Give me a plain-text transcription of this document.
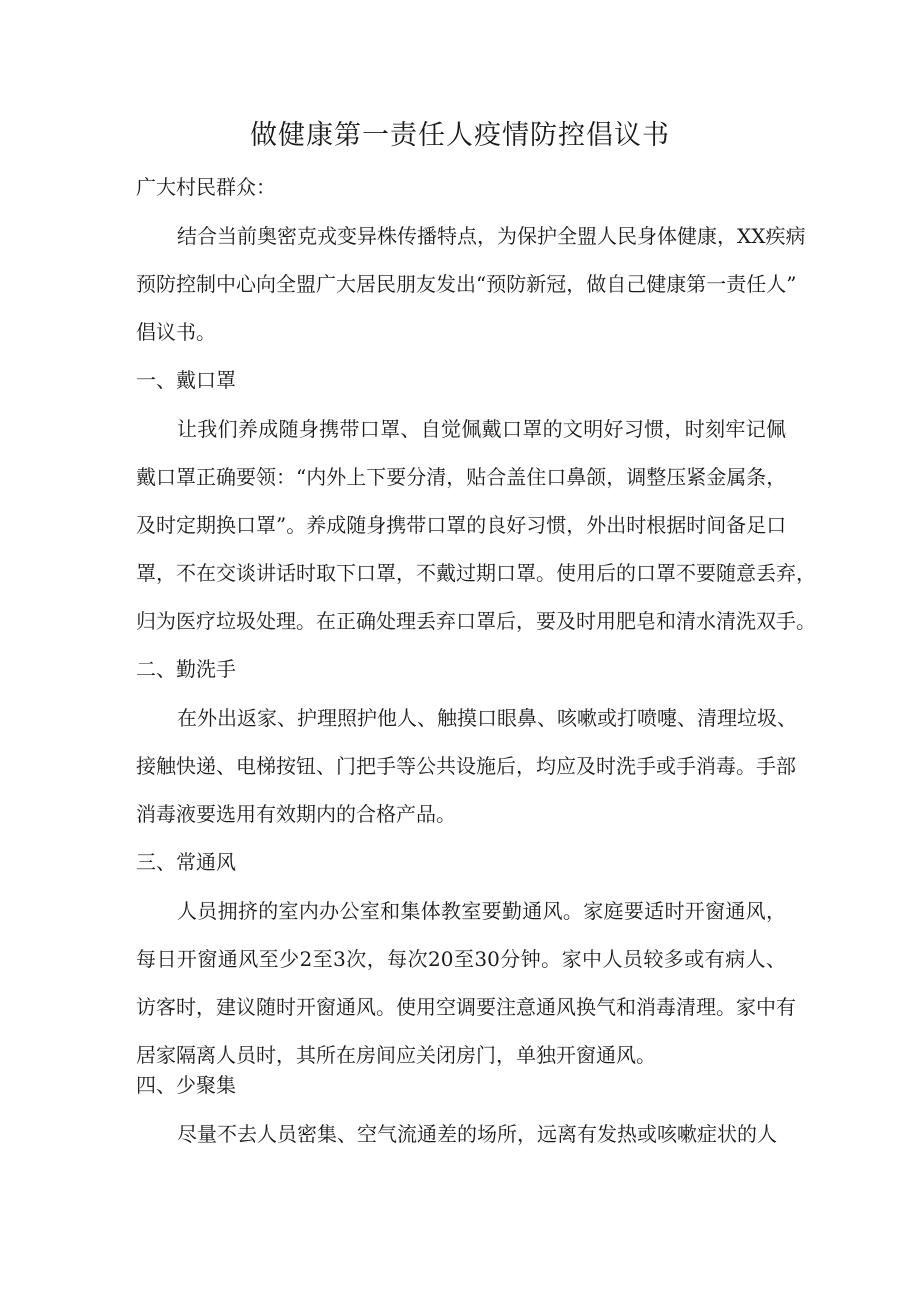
做健康第一责任人疫情防控倡议书
广大村民群众：
结合当前奥密克戎变异株传播特点，为保护全盟人民身体健康，XX疾病
预防控制中心向全盟广大居民朋友发出“预防新冠，做自己健康第一责任人”
倡议书。
一、戴口罩
让我们养成随身携带口罩、自觉佩戴口罩的文明好习惯，时刻牢记佩
戴口罩正确要领：“内外上下要分清，贴合盖住口鼻颌，调整压紧金属条，
及时定期换口罩”。养成随身携带口罩的良好习惯，外出时根据时间备足口
罩，不在交谈讲话时取下口罩，不戴过期口罩。使用后的口罩不要随意丢弃，
归为医疗垃圾处理。在正确处理丢弃口罩后，要及时用肥皂和清水清洗双手。
二、勤洗手
在外出返家、护理照护他人、触摸口眼鼻、咳嗽或打喷嚏、清理垃圾、
接触快递、电梯按钮、门把手等公共设施后，均应及时洗手或手消毒。手部
消毒液要选用有效期内的合格产品。
三、常通风
人员拥挤的室内办公室和集体教室要勤通风。家庭要适时开窗通风，
每日开窗通风至少2至3次，每次20至30分钟。家中人员较多或有病人、
访客时，建议随时开窗通风。使用空调要注意通风换气和消毒清理。家中有
居家隔离人员时，其所在房间应关闭房门，单独开窗通风。
四、少聚集
尽量不去人员密集、空气流通差的场所，远离有发热或咳嗽症状的人
